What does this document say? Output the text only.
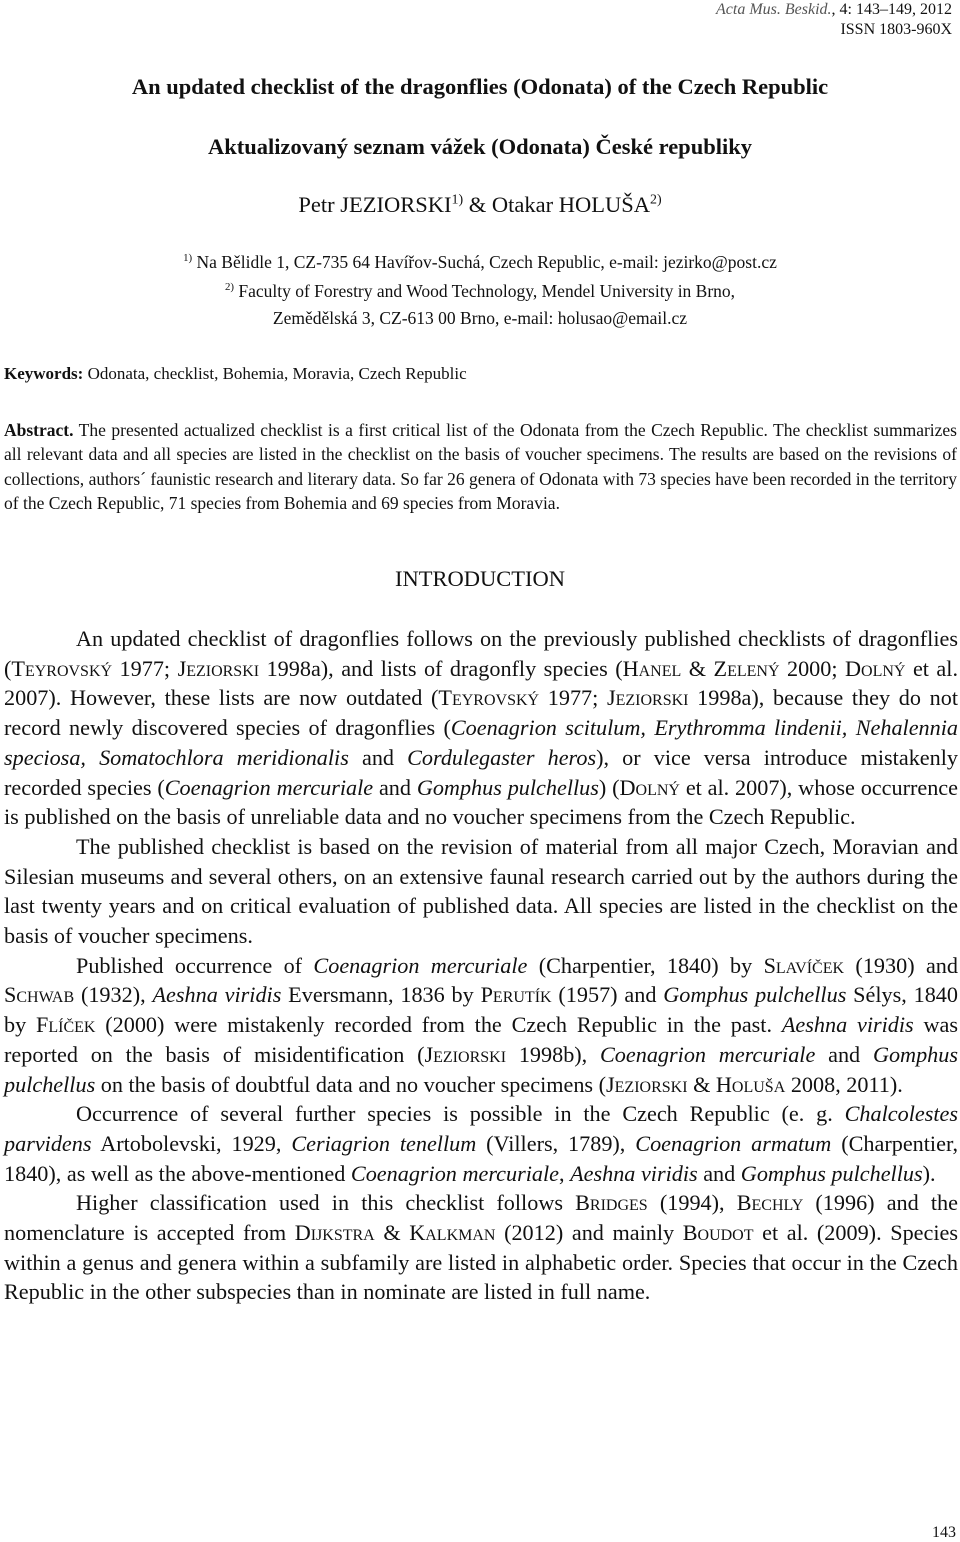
Acta Mus. Beskid., 4: 143–149, 2012
ISSN 1803-960X
An updated checklist of the dragonflies (Odonata) of the Czech Republic
Aktualizovaný seznam vážek (Odonata) České republiky
Petr JEZIORSKI$^{1)}$ & Otakar HOLUŠA$^{2)}$
$^{1)}$ Na Bělidle 1, CZ-735 64 Havířov-Suchá, Czech Republic, e-mail: jezirko@post.cz
$^{2)}$ Faculty of Forestry and Wood Technology, Mendel University in Brno,
Zemědělská 3, CZ-613 00 Brno, e-mail: holusao@email.cz
Keywords: Odonata, checklist, Bohemia, Moravia, Czech Republic
Abstract. The presented actualized checklist is a first critical list of the Odonata from the Czech Republic. The checklist summarizes all relevant data and all species are listed in the checklist on the basis of voucher specimens. The results are based on the revisions of collections, authors´ faunistic research and literary data. So far 26 genera of Odonata with 73 species have been recorded in the territory of the Czech Republic, 71 species from Bohemia and 69 species from Moravia.
INTRODUCTION

An updated checklist of dragonflies follows on the previously published checklists of dragonflies (Teyrovský 1977; Jeziorski 1998a), and lists of dragonfly species (Hanel & Zelený 2000; Dolný et al. 2007). However, these lists are now outdated (Teyrovský 1977; Jeziorski 1998a), because they do not record newly discovered species of dragonflies (Coenagrion scitulum, Erythromma lindenii, Nehalennia speciosa, Somatochlora meridionalis and Cordulegaster heros), or vice versa introduce mistakenly recorded species (Coenagrion mercuriale and Gomphus pulchellus) (Dolný et al. 2007), whose occurrence is published on the basis of unreliable data and no voucher specimens from the Czech Republic.

The published checklist is based on the revision of material from all major Czech, Moravian and Silesian museums and several others, on an extensive faunal research carried out by the authors during the last twenty years and on critical evaluation of published data. All species are listed in the checklist on the basis of voucher specimens.

Published occurrence of Coenagrion mercuriale (Charpentier, 1840) by Slavíček (1930) and Schwab (1932), Aeshna viridis Eversmann, 1836 by Perutík (1957) and Gomphus pulchellus Sélys, 1840 by Flíček (2000) were mistakenly recorded from the Czech Republic in the past. Aeshna viridis was reported on the basis of misidentification (Jeziorski 1998b), Coenagrion mercuriale and Gomphus pulchellus on the basis of doubtful data and no voucher specimens (Jeziorski & Holuša 2008, 2011).

Occurrence of several further species is possible in the Czech Republic (e. g. Chalcolestes parvidens Artobolevski, 1929, Ceriagrion tenellum (Villers, 1789), Coenagrion armatum (Charpentier, 1840), as well as the above-mentioned Coenagrion mercuriale, Aeshna viridis and Gomphus pulchellus).

Higher classification used in this checklist follows Bridges (1994), Bechly (1996) and the nomenclature is accepted from Dijkstra & Kalkman (2012) and mainly Boudot et al. (2009). Species within a genus and genera within a subfamily are listed in alphabetic order. Species that occur in the Czech Republic in the other subspecies than in nominate are listed in full name.

143
